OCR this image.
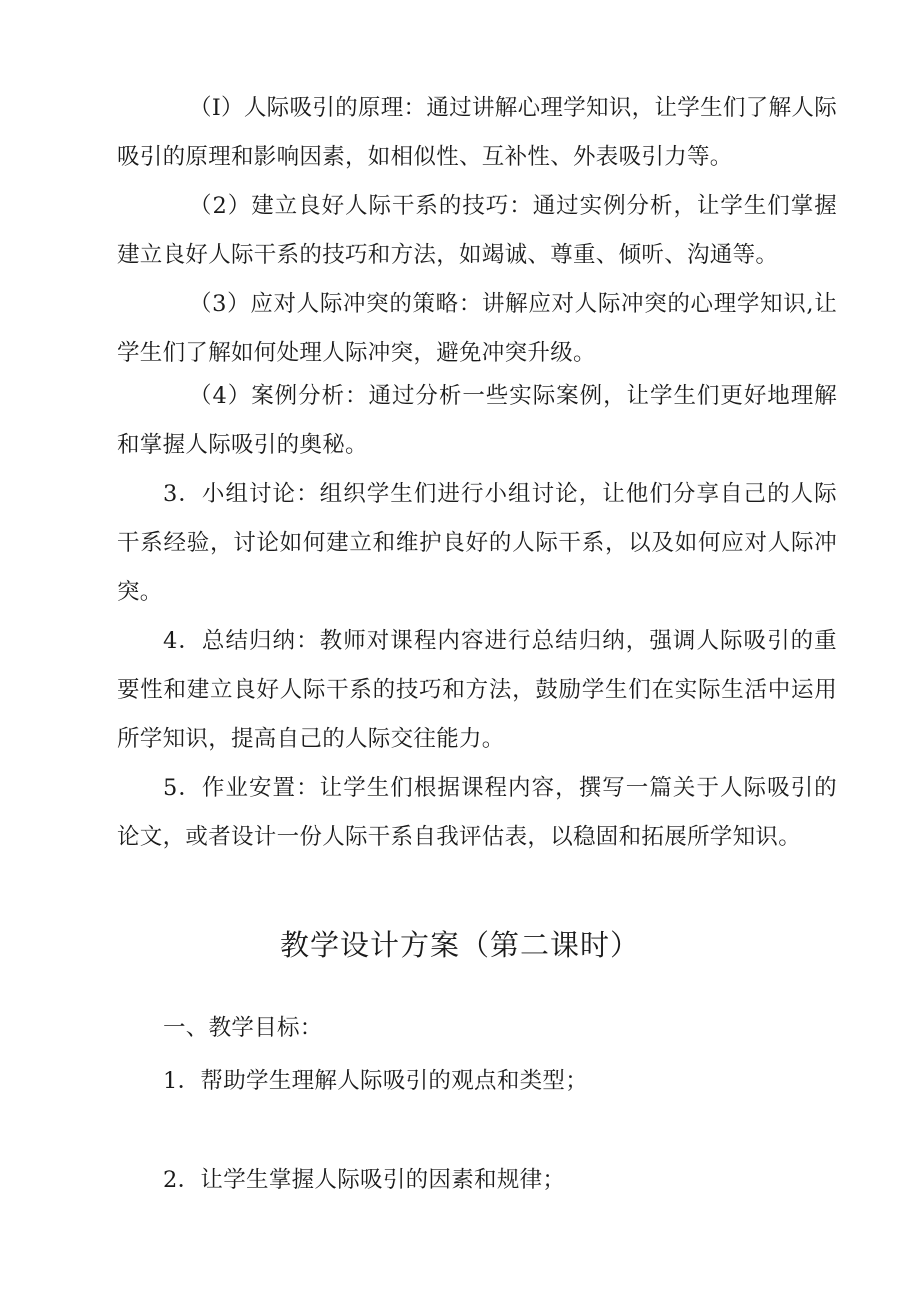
（I）人际吸引的原理：通过讲解心理学知识，让学生们了解人际吸引的原理和影响因素，如相似性、互补性、外表吸引力等。

（2）建立良好人际干系的技巧：通过实例分析，让学生们掌握建立良好人际干系的技巧和方法，如竭诚、尊重、倾听、沟通等。

（3）应对人际冲突的策略：讲解应对人际冲突的心理学知识,让学生们了解如何处理人际冲突，避免冲突升级。

（4）案例分析：通过分析一些实际案例，让学生们更好地理解和掌握人际吸引的奥秘。

3．小组讨论：组织学生们进行小组讨论，让他们分享自己的人际干系经验，讨论如何建立和维护良好的人际干系，以及如何应对人际冲突。

4．总结归纳：教师对课程内容进行总结归纳，强调人际吸引的重要性和建立良好人际干系的技巧和方法，鼓励学生们在实际生活中运用所学知识，提高自己的人际交往能力。

5．作业安置：让学生们根据课程内容，撰写一篇关于人际吸引的论文，或者设计一份人际干系自我评估表，以稳固和拓展所学知识。

教学设计方案（第二课时）

一、教学目标：

1．帮助学生理解人际吸引的观点和类型；

2．让学生掌握人际吸引的因素和规律；
